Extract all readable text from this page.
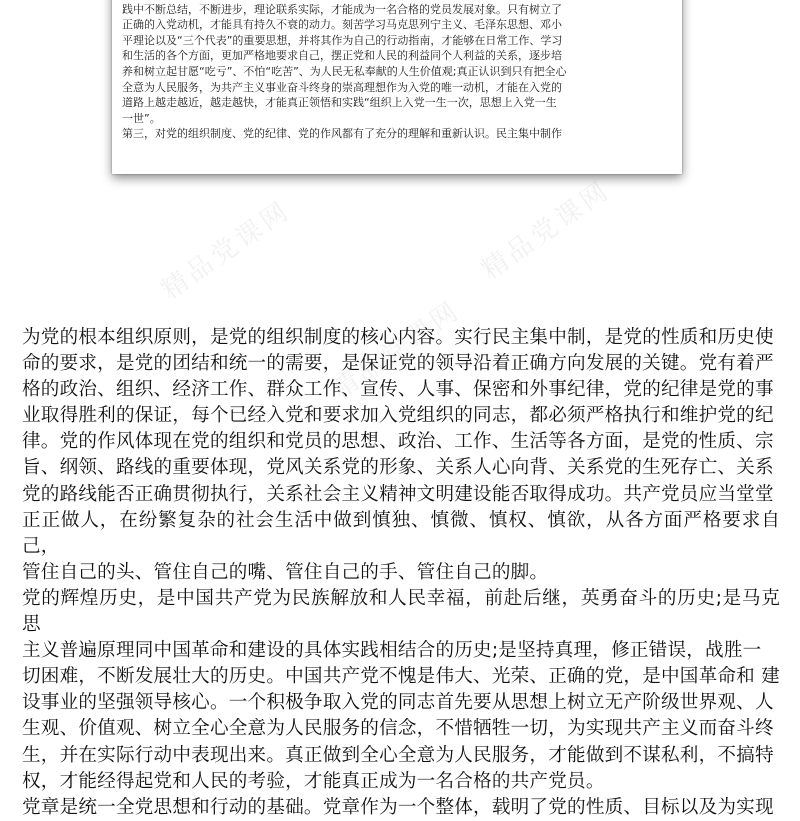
践中不断总结，不断进步，理论联系实际，才能成为一名合格的党员发展对象。只有树立了

正确的入党动机，才能具有持久不衰的动力。刻苦学习马克思列宁主义、毛泽东思想、邓小

平理论以及“三个代表”的重要思想，并将其作为自己的行动指南，才能够在日常工作、学习

和生活的各个方面，更加严格地要求自己，摆正党和人民的利益同个人利益的关系，逐步培

养和树立起甘愿“吃亏”、不怕“吃苦”、为人民无私奉献的人生价值观;真正认识到只有把全心

全意为人民服务，为共产主义事业奋斗终身的崇高理想作为入党的唯一动机，才能在入党的

道路上越走越近，越走越快，才能真正领悟和实践“组织上入党一生一次，思想上入党一生

一世”。

第三，对党的组织制度、党的纪律、党的作风都有了充分的理解和重新认识。民主集中制作

精品党课网
精品党课网

为党的根本组织原则，是党的组织制度的核心内容。实行民主集中制，是党的性质和历史使

命的要求，是党的团结和统一的需要，是保证党的领导沿着正确方向发展的关键。党有着严

格的政治、组织、经济工作、群众工作、宣传、人事、保密和外事纪律，党的纪律是党的事

业取得胜利的保证，每个已经入党和要求加入党组织的同志，都必须严格执行和维护党的纪

律。党的作风体现在党的组织和党员的思想、政治、工作、生活等各方面，是党的性质、宗

旨、纲领、路线的重要体现，党风关系党的形象、关系人心向背、关系党的生死存亡、关系

党的路线能否正确贯彻执行，关系社会主义精神文明建设能否取得成功。共产党员应当堂堂

正正做人，在纷繁复杂的社会生活中做到慎独、慎微、慎权、慎欲，从各方面严格要求自己，

管住自己的头、管住自己的嘴、管住自己的手、管住自己的脚。

党的辉煌历史，是中国共产党为民族解放和人民幸福，前赴后继，英勇奋斗的历史;是马克思

主义普遍原理同中国革命和建设的具体实践相结合的历史;是坚持真理，修正错误，战胜一

切困难，不断发展壮大的历史。中国共产党不愧是伟大、光荣、正确的党，是中国革命和 建

设事业的坚强领导核心。一个积极争取入党的同志首先要从思想上树立无产阶级世界观、人

生观、价值观、树立全心全意为人民服务的信念，不惜牺牲一切，为实现共产主义而奋斗终

生，并在实际行动中表现出来。真正做到全心全意为人民服务，才能做到不谋私利，不搞特

权，才能经得起党和人民的考验，才能真正成为一名合格的共产党员。

党章是统一全党思想和行动的基础。党章作为一个整体，载明了党的性质、目标以及为实现
